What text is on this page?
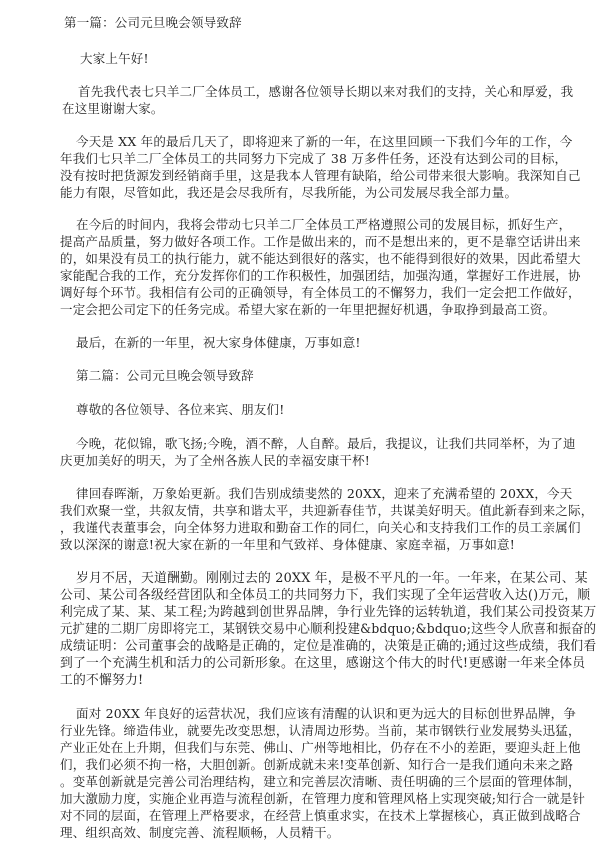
第一篇：公司元旦晚会领导致辞
大家上午好!
首先我代表七只羊二厂全体员工，感谢各位领导长期以来对我们的支持，关心和厚爱，我
在这里谢谢大家。
今天是 XX 年的最后几天了，即将迎来了新的一年，在这里回顾一下我们今年的工作，今
年我们七只羊二厂全体员工的共同努力下完成了 38 万多件任务，还没有达到公司的目标，
没有按时把货源发到经销商手里，这是我本人管理有缺陷，给公司带来很大影响。我深知自己
能力有限，尽管如此，我还是会尽我所有，尽我所能，为公司发展尽我全部力量。
在今后的时间内，我将会带动七只羊二厂全体员工严格遵照公司的发展目标，抓好生产，
提高产品质量，努力做好各项工作。工作是做出来的，而不是想出来的，更不是靠空话讲出来
的，如果没有员工的执行能力，就不能达到很好的落实，也不能得到很好的效果，因此希望大
家能配合我的工作，充分发挥你们的工作积极性，加强团结，加强沟通，掌握好工作进展，协
调好每个环节。我相信有公司的正确领导，有全体员工的不懈努力，我们一定会把工作做好，
一定会把公司定下的任务完成。希望大家在新的一年里把握好机遇，争取挣到最高工资。
最后，在新的一年里，祝大家身体健康，万事如意!
第二篇：公司元旦晚会领导致辞
尊敬的各位领导、各位来宾、朋友们!
今晚，花似锦，歌飞扬;今晚，酒不醉，人自醉。最后，我提议，让我们共同举杯，为了迪
庆更加美好的明天，为了全州各族人民的幸福安康干杯!
律回春晖渐，万象始更新。我们告别成绩斐然的 20XX，迎来了充满希望的 20XX，今天
我们欢聚一堂，共叙友情，共享和谐太平，共迎新春佳节，共谋美好明天。值此新春到来之际，
，我谨代表董事会，向全体努力进取和勤奋工作的同仁，向关心和支持我们工作的员工亲属们
致以深深的谢意!祝大家在新的一年里和气致祥、身体健康、家庭幸福，万事如意!
岁月不居，天道酬勤。刚刚过去的 20XX 年，是极不平凡的一年。一年来，在某公司、某
公司、某公司各级经营团队和全体员工的共同努力下，我们实现了全年运营收入达()万元，顺
利完成了某、某、某工程;为跨越到创世界品牌，争行业先锋的运转轨道，我们某公司投资某万
元扩建的二期厂房即将完工，某钢铁交易中心顺利投建&bdquo;&bdquo;这些令人欣喜和振奋的
成绩证明：公司董事会的战略是正确的，定位是准确的，决策是正确的;通过这些成绩，我们看
到了一个充满生机和活力的公司新形象。在这里，感谢这个伟大的时代!更感谢一年来全体员
工的不懈努力!
面对 20XX 年良好的运营状况，我们应该有清醒的认识和更为远大的目标创世界品牌，争
行业先锋。缔造伟业，就要先改变思想，认清周边形势。当前，某市钢铁行业发展势头迅猛，
产业正处在上升期，但我们与东莞、佛山、广州等地相比，仍存在不小的差距，要迎头赶上他
们，我们必须不拘一格，大胆创新。创新成就未来!变革创新、知行合一是我们通向未来之路
。变革创新就是完善公司治理结构，建立和完善层次清晰、责任明确的三个层面的管理体制，
加大激励力度，实施企业再造与流程创新，在管理力度和管理风格上实现突破;知行合一就是针
对不同的层面，在管理上严格要求，在经营上慎重求实，在技术上掌握核心，真正做到战略合
理、组织高效、制度完善、流程顺畅，人员精干。
